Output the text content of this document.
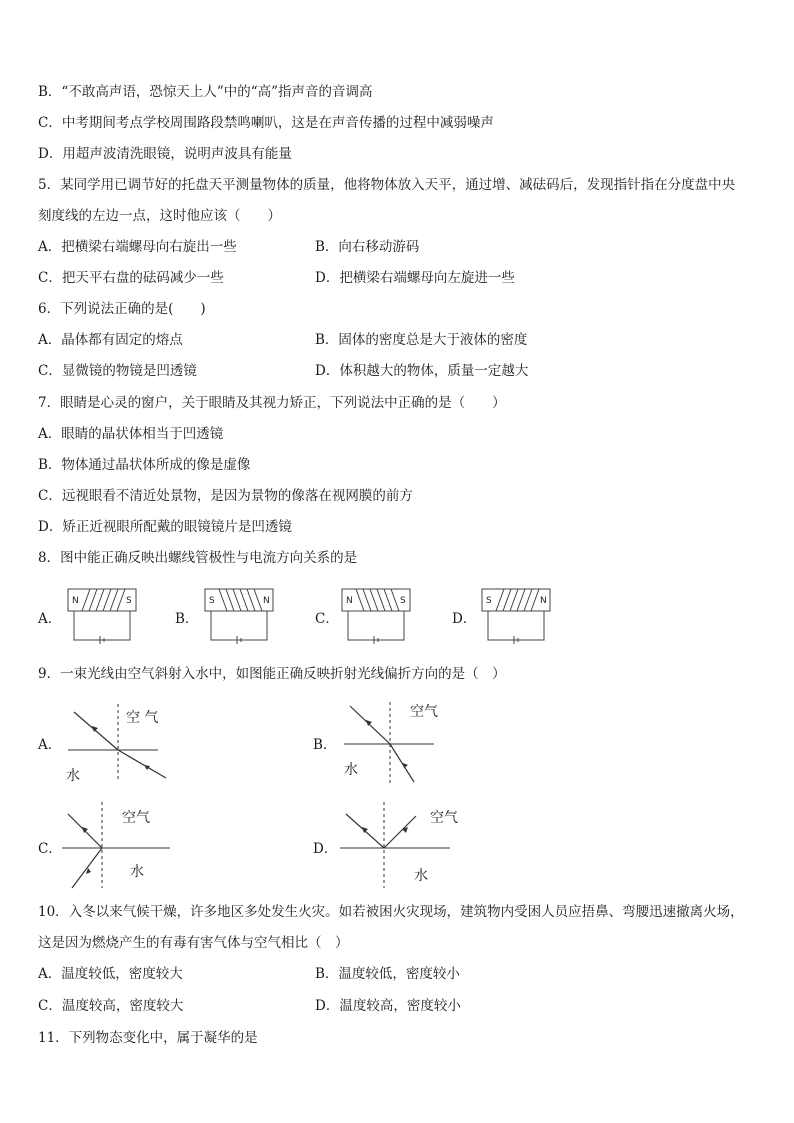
B．“不敢高声语，恐惊天上人”中的“高”指声音的音调高
C．中考期间考点学校周围路段禁鸣喇叭，这是在声音传播的过程中减弱噪声
D．用超声波清洗眼镜，说明声波具有能量
5．某同学用已调节好的托盘天平测量物体的质量，他将物体放入天平，通过增、减砝码后，发现指针指在分度盘中央
刻度线的左边一点，这时他应该（　　）
A．把横梁右端螺母向右旋出一些	B．向右移动游码
C．把天平右盘的砝码减少一些	D．把横梁右端螺母向左旋进一些
6．下列说法正确的是(　　)
A．晶体都有固定的熔点	B．固体的密度总是大于液体的密度
C．显微镜的物镜是凹透镜	D．体积越大的物体，质量一定越大
7．眼睛是心灵的窗户，关于眼睛及其视力矫正，下列说法中正确的是（　　）
A．眼睛的晶状体相当于凹透镜
B．物体通过晶状体所成的像是虚像
C．远视眼看不清近处景物，是因为景物的像落在视网膜的前方
D．矫正近视眼所配戴的眼镜镜片是凹透镜
8．图中能正确反映出螺线管极性与电流方向关系的是
A．
N	S
B．
S	N
C．
N	S
D．
S	N
9．一束光线由空气斜射入水中，如图能正确反映折射光线偏折方向的是（　）
A．
空 气
水
B．
空气
水
C．
空气
水
D．
空气
水
10．入冬以来气候干燥，许多地区多处发生火灾。如若被困火灾现场，建筑物内受困人员应捂鼻、弯腰迅速撤离火场，
这是因为燃烧产生的有毒有害气体与空气相比（　）
A．温度较低，密度较大	B．温度较低，密度较小
C．温度较高，密度较大	D．温度较高，密度较小
11．下列物态变化中，属于凝华的是
